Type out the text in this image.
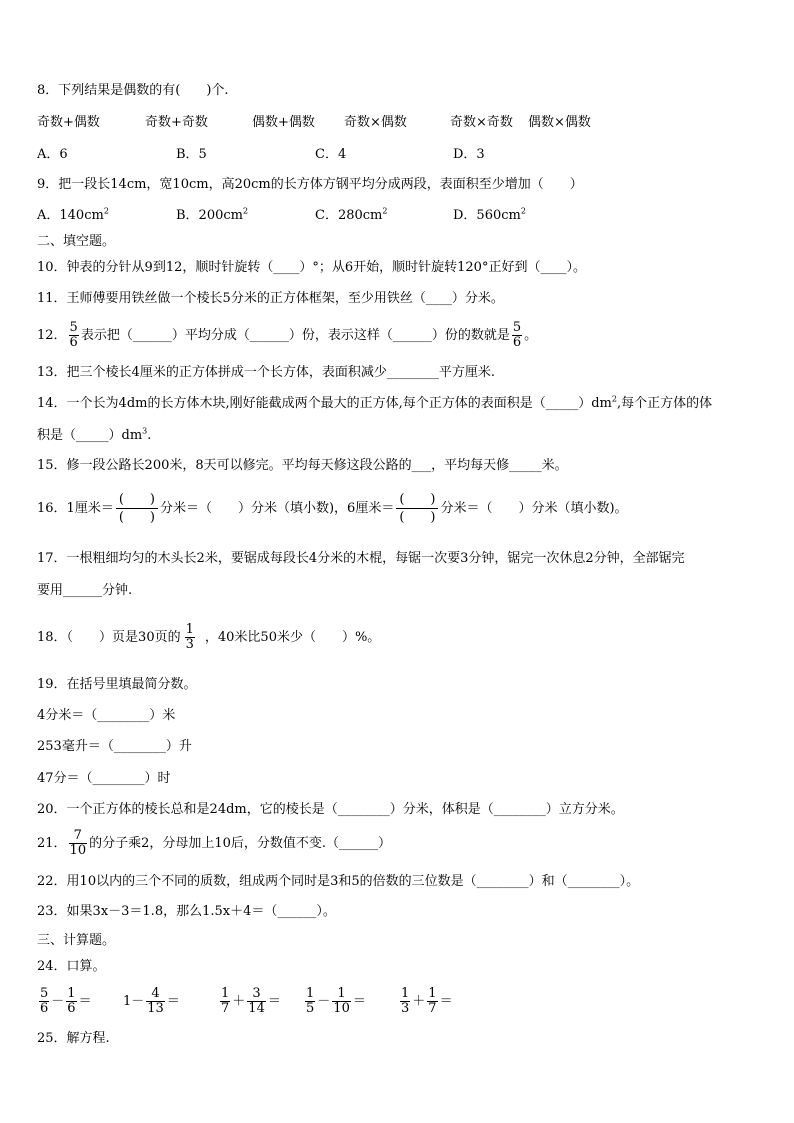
8．下列结果是偶数的有(　　)个.
奇数+偶数	奇数+奇数	偶数+偶数 奇数×偶数	奇数×奇数 偶数×偶数
A．6	B．5	C．4	D．3
9．把一段长14cm，宽10cm，高20cm的长方体方钢平均分成两段，表面积至少增加（　　）
A．$140cm^2$	B．$200cm^2$	C．$280cm^2$	D．$560cm^2$
二、填空题。
10．钟表的分针从9到12，顺时针旋转（____）°；从6开始，顺时针旋转120°正好到（____）。
11．王师傅要用铁丝做一个棱长5分米的正方体框架，至少用铁丝（____）分米。
12． $\frac{5}{6}$ 表示把（______）平均分成（______）份，表示这样（______）份的数就是 $\frac{5}{6}$ 。
13．把三个棱长4厘米的正方体拼成一个长方体，表面积减少________平方厘米.
14．一个长为4dm的长方体木块,刚好能截成两个最大的正方体,每个正方体的表面积是$(\_\_\_\_\_)dm^2$,每个正方体的体
积是$(\_\_\_\_\_)dm^3$.
15．修一段公路长200米，8天可以修完。平均每天修这段公路的___，平均每天修_____米。
16．1厘米＝
(　　)
(　　)
分米＝（　　）分米（填小数)，6厘米＝
(　　)
(　　)
分米＝（　　）分米（填小数)。
17．一根粗细均匀的木头长2米，要锯成每段长4分米的木棍，每锯一次要3分钟，锯完一次休息2分钟，全部锯完
要用______分钟.
18．（　　）页是30页的 $\frac{1}{3}$ ，40米比50米少（　　）%。
19．在括号里填最简分数。
4分米＝（________）米
253毫升＝（________）升
47分＝（________）时
20．一个正方体的棱长总和是24dm，它的棱长是（________）分米，体积是（________）立方分米。
21． $\frac{7}{10}$ 的分子乘2，分母加上10后，分数值不变.（______）
22．用10以内的三个不同的质数，组成两个同时是3和5的倍数的三位数是（________）和（________）。
23．如果3x－3＝1.8，那么1.5x＋4＝（______）。
三、计算题。
24．口算。
$\frac{5}{6} - \frac{1}{6} = 1- \frac{4}{13}$ ＝	$\frac{1}{7} + \frac{3}{14} = \frac{1}{5} - \frac{1}{10}$ ＝	$\frac{1}{3} + \frac{1}{7}$ ＝
25．解方程.
